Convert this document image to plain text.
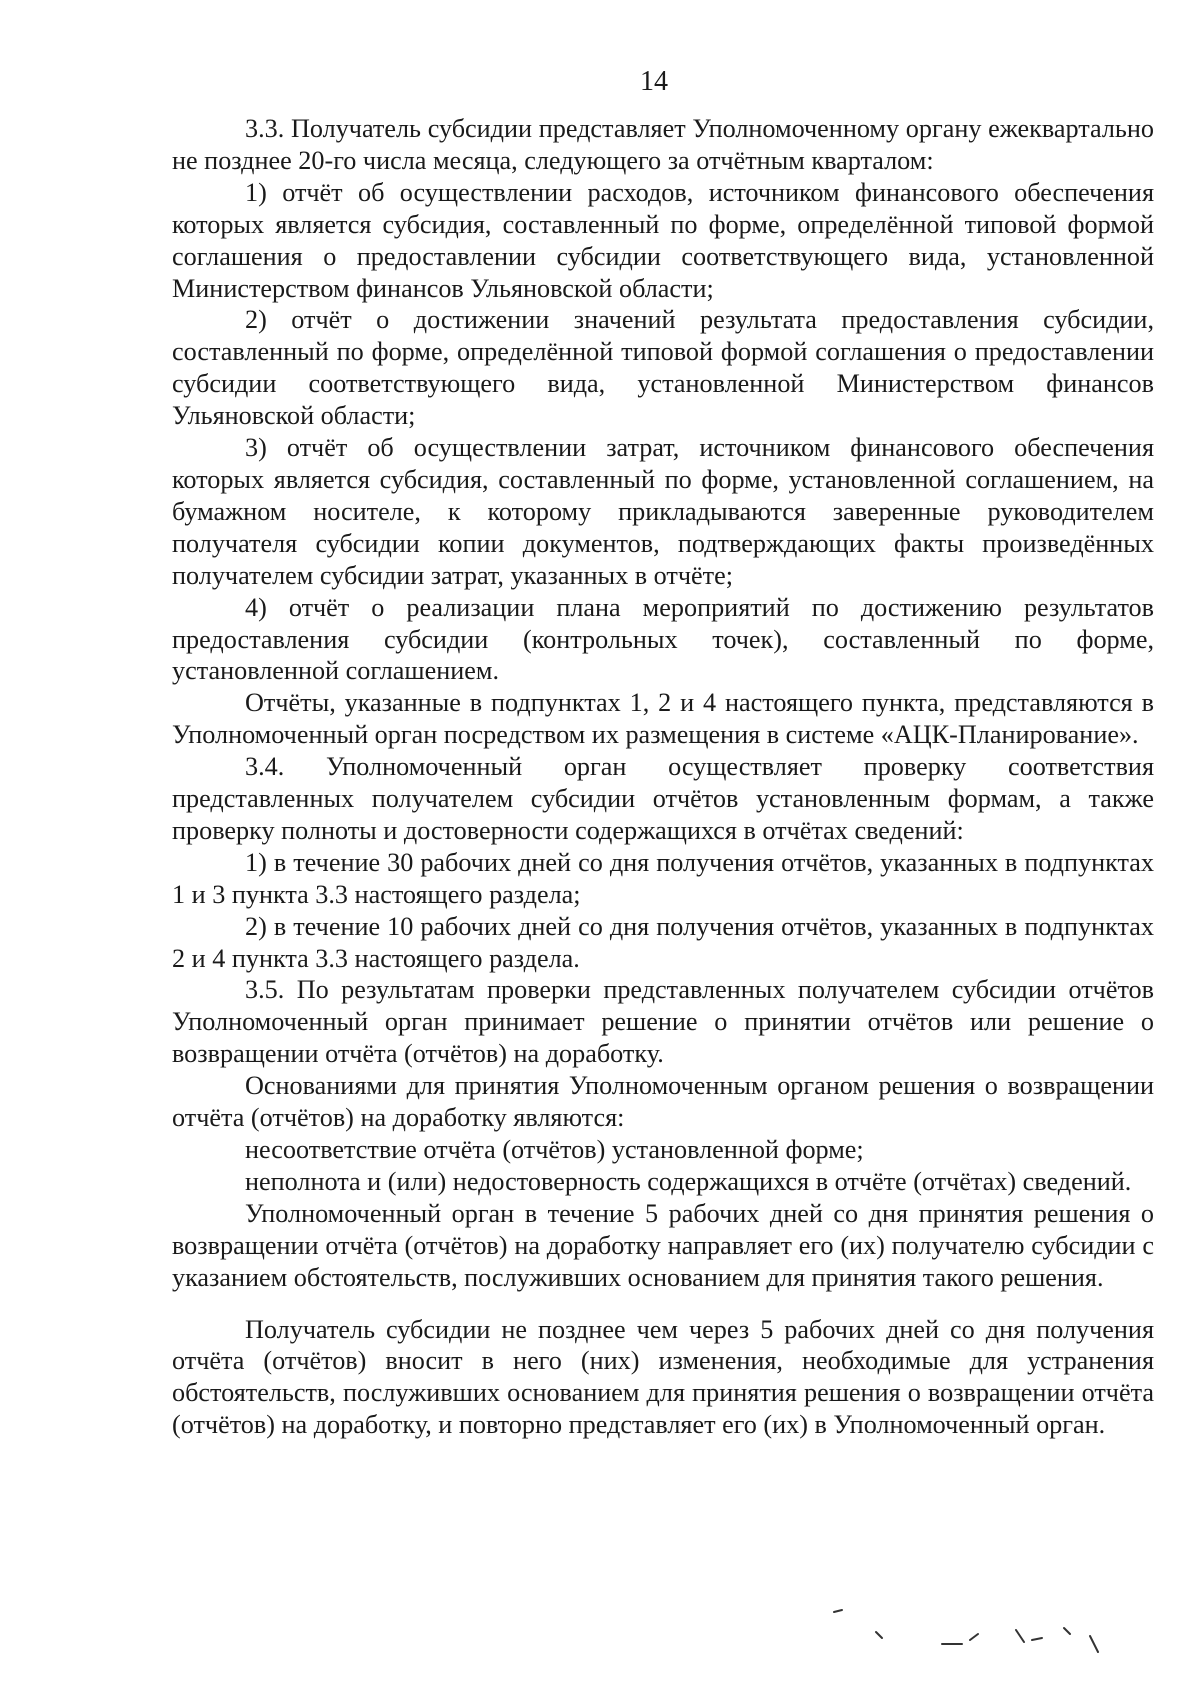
14

3.3. Получатель субсидии представляет Уполномоченному органу ежеквартально не позднее 20-го числа месяца, следующего за отчётным кварталом:

1) отчёт об осуществлении расходов, источником финансового обеспечения которых является субсидия, составленный по форме, определённой типовой формой соглашения о предоставлении субсидии соответствующего вида, установленной Министерством финансов Ульяновской области;

2) отчёт о достижении значений результата предоставления субсидии, составленный по форме, определённой типовой формой соглашения о предоставлении субсидии соответствующего вида, установленной Министерством финансов Ульяновской области;

3) отчёт об осуществлении затрат, источником финансового обеспечения которых является субсидия, составленный по форме, установленной соглашением, на бумажном носителе, к которому прикладываются заверенные руководителем получателя субсидии копии документов, подтверждающих факты произведённых получателем субсидии затрат, указанных в отчёте;

4) отчёт о реализации плана мероприятий по достижению результатов предоставления субсидии (контрольных точек), составленный по форме, установленной соглашением.

Отчёты, указанные в подпунктах 1, 2 и 4 настоящего пункта, представляются в Уполномоченный орган посредством их размещения в системе «АЦК-Планирование».

3.4. Уполномоченный орган осуществляет проверку соответствия представленных получателем субсидии отчётов установленным формам, а также проверку полноты и достоверности содержащихся в отчётах сведений:

1) в течение 30 рабочих дней со дня получения отчётов, указанных в подпунктах 1 и 3 пункта 3.3 настоящего раздела;

2) в течение 10 рабочих дней со дня получения отчётов, указанных в подпунктах 2 и 4 пункта 3.3 настоящего раздела.

3.5. По результатам проверки представленных получателем субсидии отчётов Уполномоченный орган принимает решение о принятии отчётов или решение о возвращении отчёта (отчётов) на доработку.

Основаниями для принятия Уполномоченным органом решения о возвращении отчёта (отчётов) на доработку являются:

несоответствие отчёта (отчётов) установленной форме;

неполнота и (или) недостоверность содержащихся в отчёте (отчётах) сведений.

Уполномоченный орган в течение 5 рабочих дней со дня принятия решения о возвращении отчёта (отчётов) на доработку направляет его (их) получателю субсидии с указанием обстоятельств, послуживших основанием для принятия такого решения.

Получатель субсидии не позднее чем через 5 рабочих дней со дня получения отчёта (отчётов) вносит в него (них) изменения, необходимые для устранения обстоятельств, послуживших основанием для принятия решения о возвращении отчёта (отчётов) на доработку, и повторно представляет его (их) в Уполномоченный орган.
